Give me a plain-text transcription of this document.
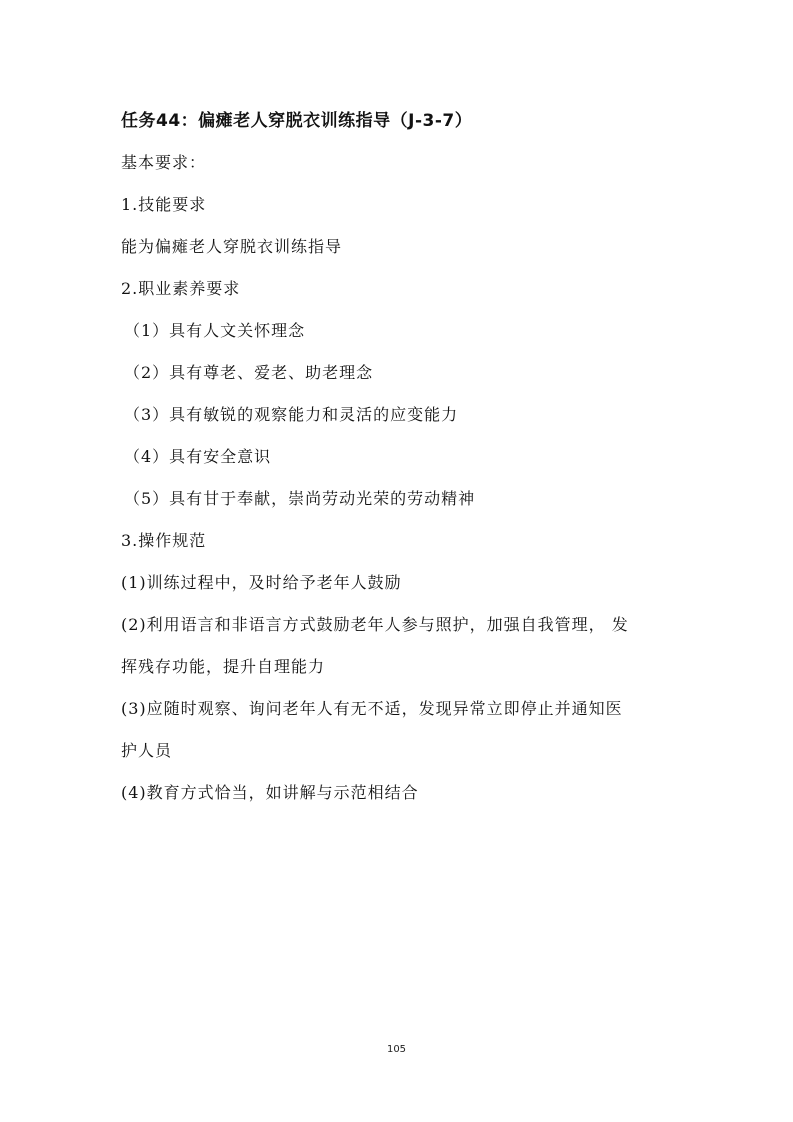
任务44：偏瘫老人穿脱衣训练指导（J-3-7）
基本要求：
1.技能要求
能为偏瘫老人穿脱衣训练指导
2.职业素养要求
（1）具有人文关怀理念
（2）具有尊老、爱老、助老理念
（3）具有敏锐的观察能力和灵活的应变能力
（4）具有安全意识
（5）具有甘于奉献，崇尚劳动光荣的劳动精神
3.操作规范
(1)训练过程中，及时给予老年人鼓励
(2)利用语言和非语言方式鼓励老年人参与照护，加强自我管理， 发
挥残存功能，提升自理能力
(3)应随时观察、询问老年人有无不适，发现异常立即停止并通知医
护人员
(4)教育方式恰当，如讲解与示范相结合
105
